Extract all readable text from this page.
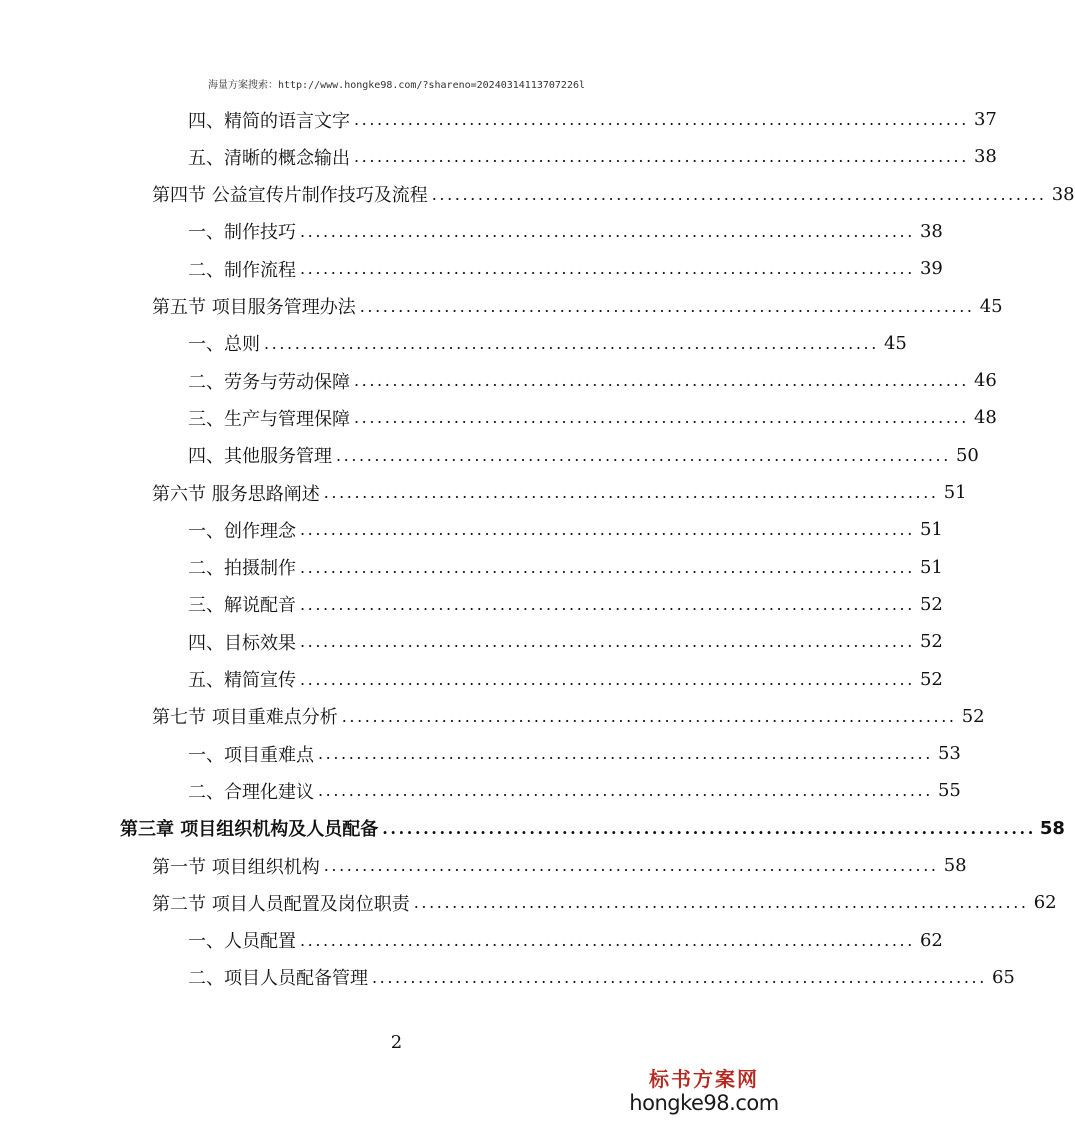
海量方案搜索：http://www.hongke98.com/?shareno=20240314113707226l
四、精简的语言文字 ................................................................................ 37
五、清晰的概念输出 ................................................................................ 38
第四节 公益宣传片制作技巧及流程 ................................................................................ 38
一、制作技巧 ................................................................................ 38
二、制作流程 ................................................................................ 39
第五节 项目服务管理办法 ................................................................................ 45
一、总则 ................................................................................ 45
二、劳务与劳动保障 ................................................................................ 46
三、生产与管理保障 ................................................................................ 48
四、其他服务管理 ................................................................................ 50
第六节 服务思路阐述 ................................................................................ 51
一、创作理念 ................................................................................ 51
二、拍摄制作 ................................................................................ 51
三、解说配音 ................................................................................ 52
四、目标效果 ................................................................................ 52
五、精简宣传 ................................................................................ 52
第七节 项目重难点分析 ................................................................................ 52
一、项目重难点 ................................................................................ 53
二、合理化建议 ................................................................................ 55
第三章 项目组织机构及人员配备 ................................................................................ 58
第一节 项目组织机构 ................................................................................ 58
第二节 项目人员配置及岗位职责 ................................................................................ 62
一、人员配置 ................................................................................ 62
二、项目人员配备管理 ................................................................................ 65
2
标书方案网
hongke98.com
